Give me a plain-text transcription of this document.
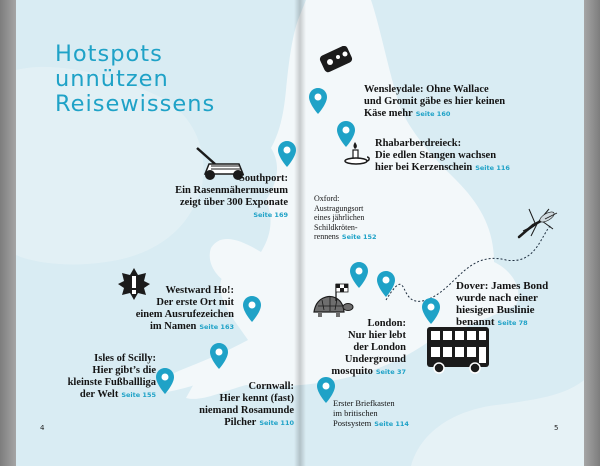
Hotspots
unnützen
Reisewissens
Wensleydale: Ohne Wallace
und Gromit gäbe es hier keinen
Käse mehr Seite 160
Rhabarberdreieck:
Die edlen Stangen wachsen
hier bei Kerzenschein Seite 116
Southport:
Ein Rasenmähermuseum
zeigt über 300 Exponate
Seite 169
Oxford:
Austragungsort
eines jährlichen
Schildkröten-
rennens Seite 152
Westward Ho!:
Der erste Ort mit
einem Ausrufezeichen
im Namen Seite 163
Dover: James Bond
wurde nach einer
hiesigen Buslinie
benannt Seite 78
Isles of Scilly:
Hier gibt’s die
kleinste Fußballliga
der Welt Seite 155
London:
Nur hier lebt
der London
Underground
mosquito Seite 37
Cornwall:
Hier kennt (fast)
niemand Rosamunde
Pilcher Seite 110
Erster Briefkasten
im britischen
Postsystem Seite 114
4	5
